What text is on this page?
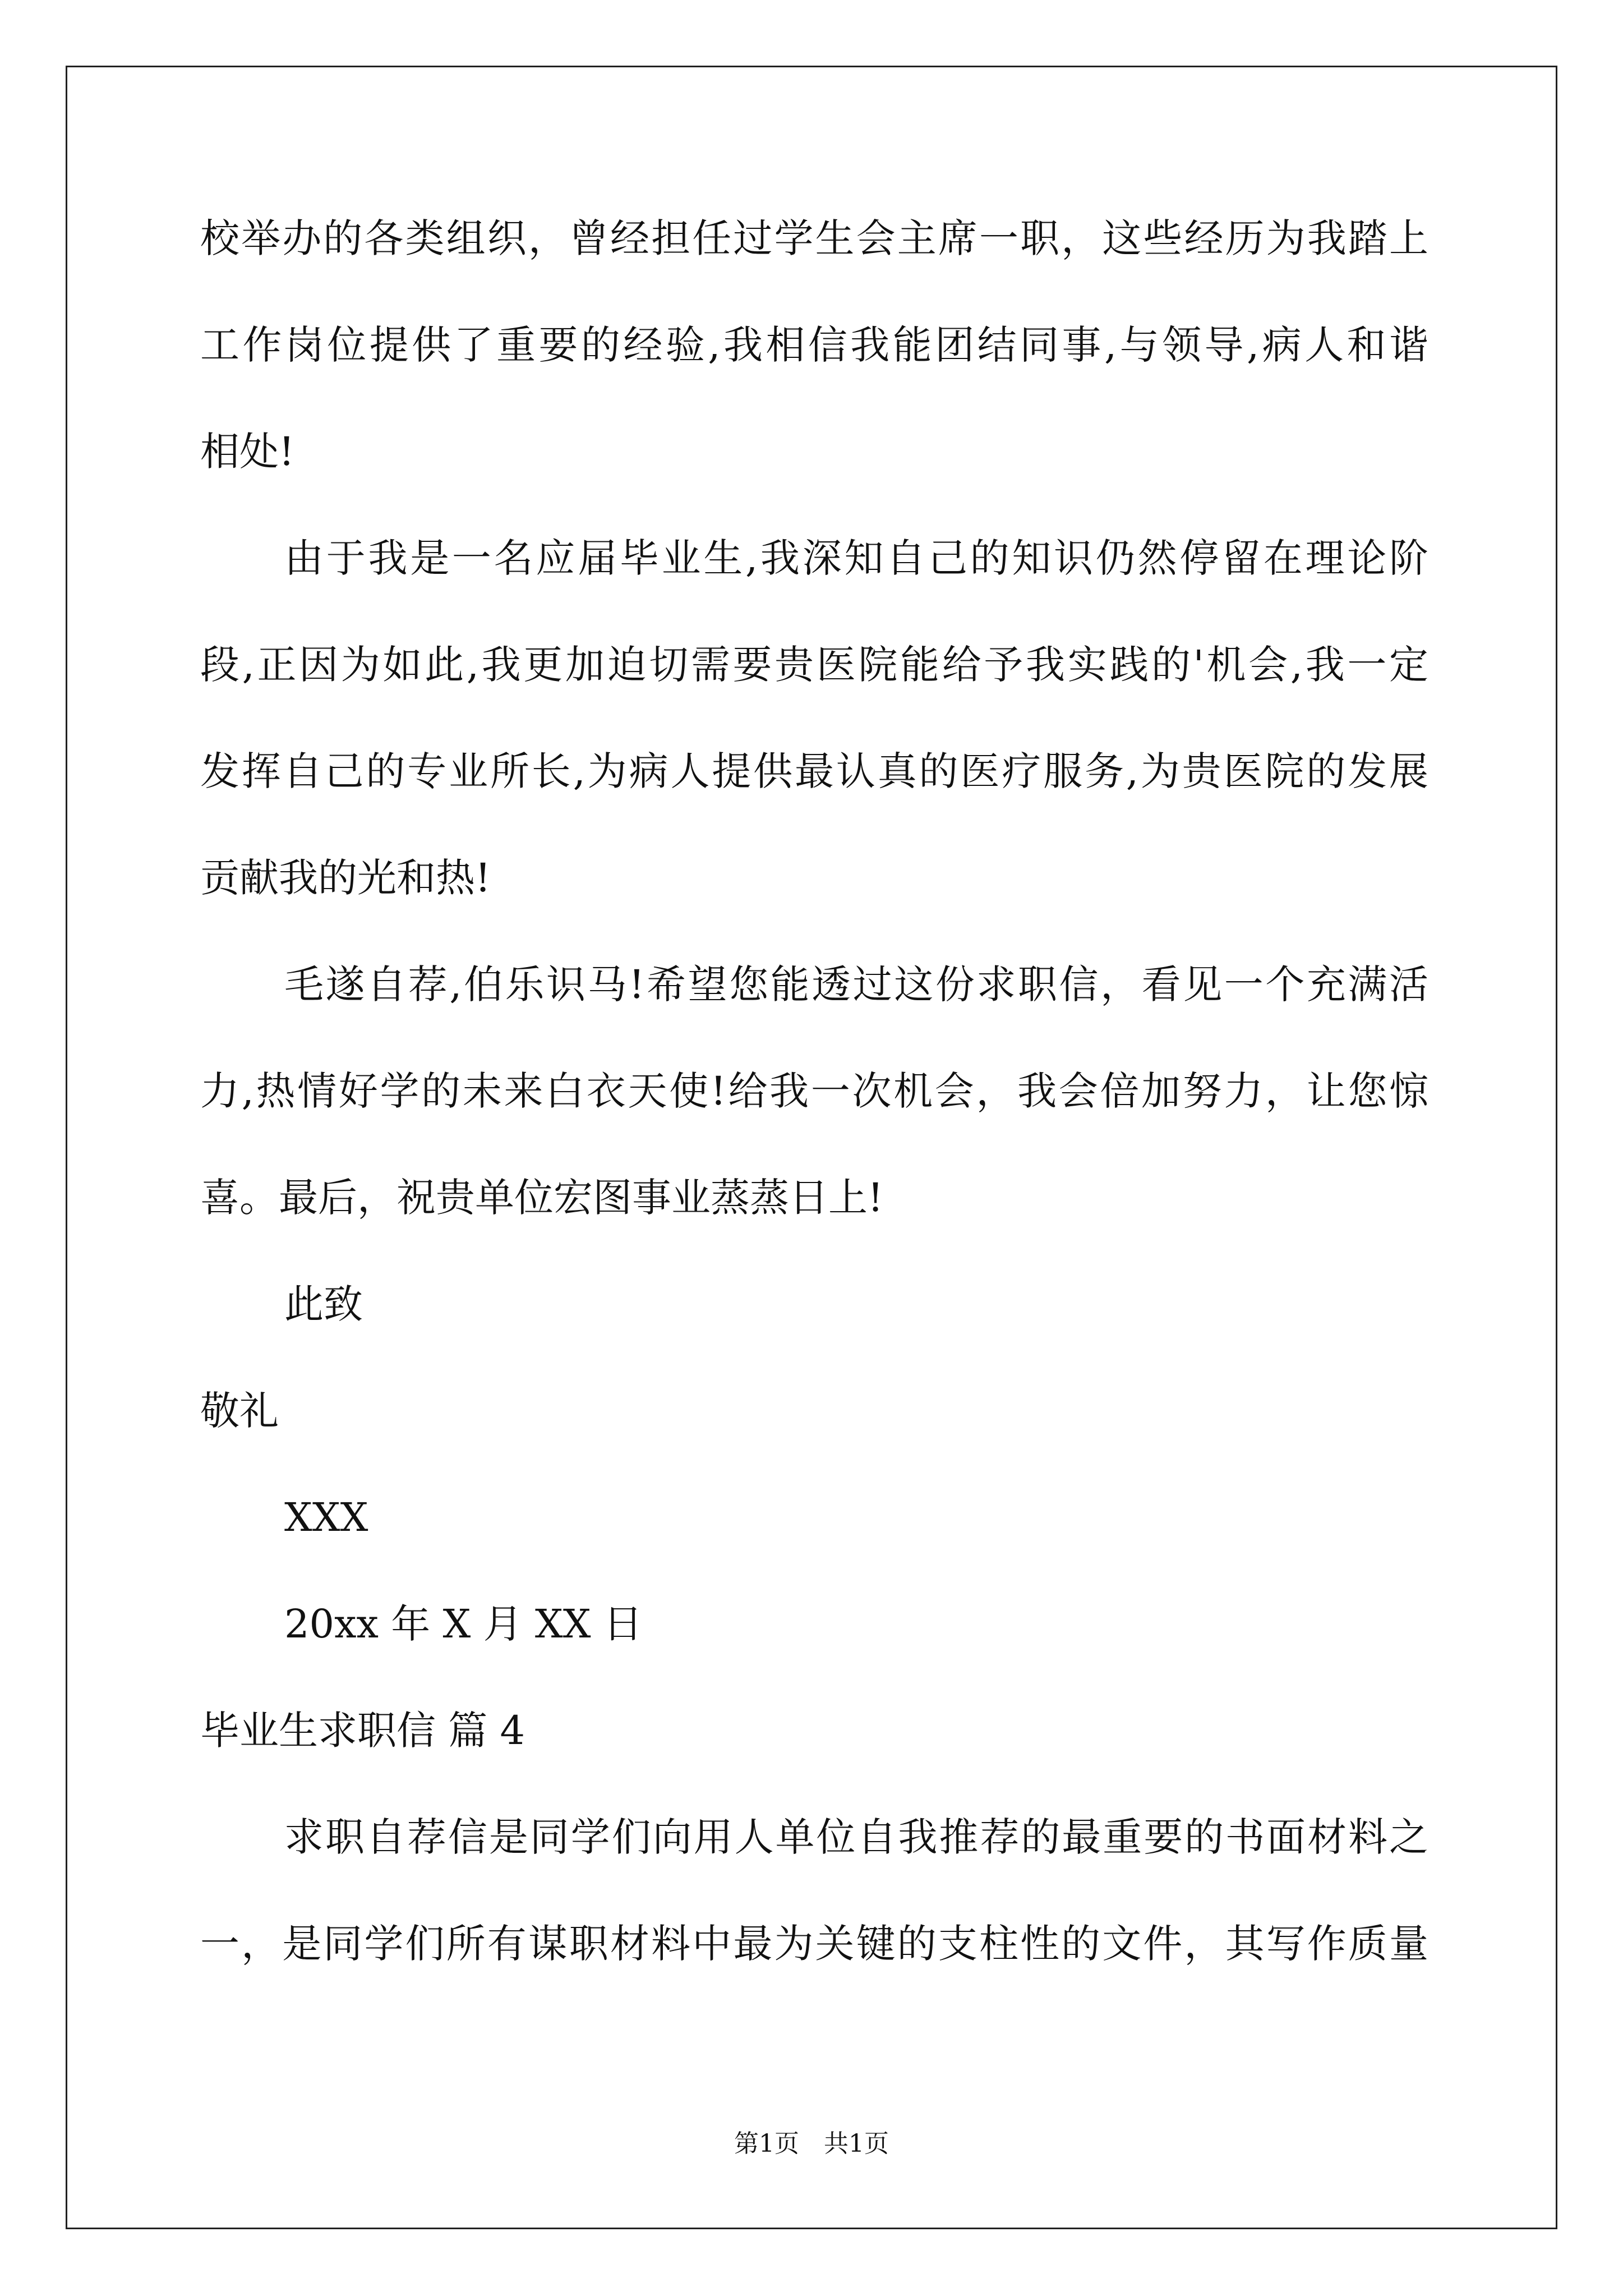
校举办的各类组织，曾经担任过学生会主席一职，这些经历为我踏上
工作岗位提供了重要的经验,我相信我能团结同事,与领导,病人和谐
相处!
由于我是一名应届毕业生,我深知自己的知识仍然停留在理论阶
段,正因为如此,我更加迫切需要贵医院能给予我实践的'机会,我一定
发挥自己的专业所长,为病人提供最认真的医疗服务,为贵医院的发展
贡献我的光和热!
毛遂自荐,伯乐识马!希望您能透过这份求职信，看见一个充满活
力,热情好学的未来白衣天使!给我一次机会，我会倍加努力，让您惊
喜。最后，祝贵单位宏图事业蒸蒸日上!
此致
敬礼
XXX
20xx 年 X 月 XX 日
毕业生求职信 篇 4
求职自荐信是同学们向用人单位自我推荐的最重要的书面材料之
一，是同学们所有谋职材料中最为关键的支柱性的文件，其写作质量
第1页　共1页
